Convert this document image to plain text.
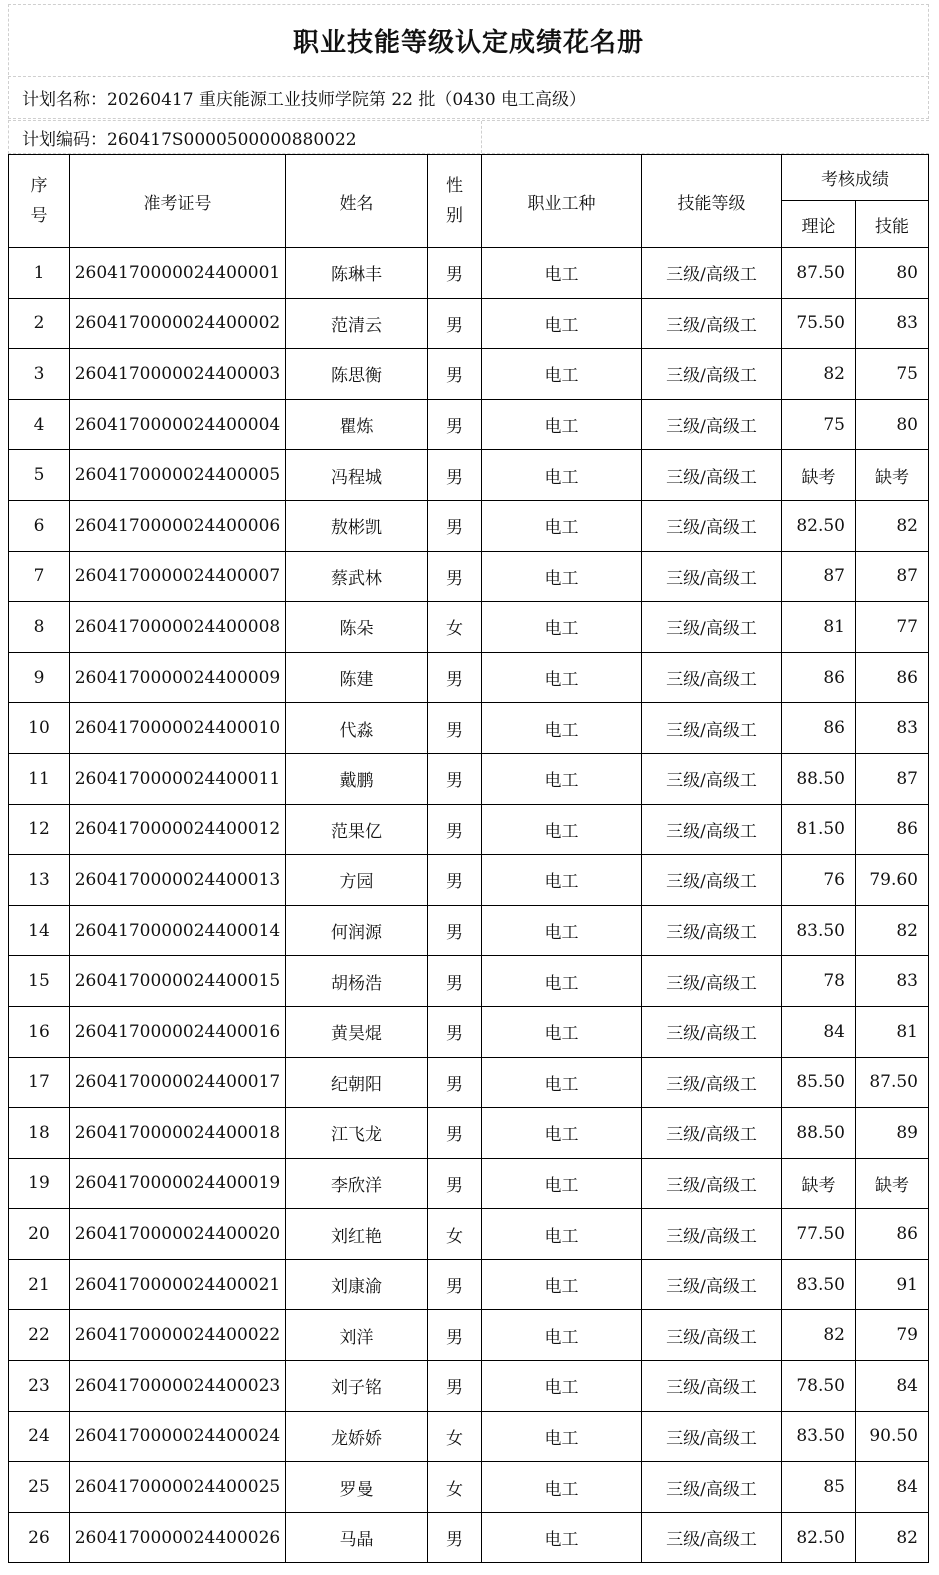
职业技能等级认定成绩花名册
计划名称：20260417 重庆能源工业技师学院第 22 批（0430 电工高级）
计划编码：260417S0000500000880022
序号	准考证号	姓名	性别	职业工种	技能等级	考核成绩	
						理论	技能
1	2604170000024400001	陈琳丰	男	电工	三级/高级工	87.50	80
2	2604170000024400002	范清云	男	电工	三级/高级工	75.50	83
3	2604170000024400003	陈思衡	男	电工	三级/高级工	82	75
4	2604170000024400004	瞿炼	男	电工	三级/高级工	75	80
5	2604170000024400005	冯程城	男	电工	三级/高级工	缺考	缺考
6	2604170000024400006	敖彬凯	男	电工	三级/高级工	82.50	82
7	2604170000024400007	蔡武林	男	电工	三级/高级工	87	87
8	2604170000024400008	陈朵	女	电工	三级/高级工	81	77
9	2604170000024400009	陈建	男	电工	三级/高级工	86	86
10	2604170000024400010	代淼	男	电工	三级/高级工	86	83
11	2604170000024400011	戴鹏	男	电工	三级/高级工	88.50	87
12	2604170000024400012	范果亿	男	电工	三级/高级工	81.50	86
13	2604170000024400013	方园	男	电工	三级/高级工	76	79.60
14	2604170000024400014	何润源	男	电工	三级/高级工	83.50	82
15	2604170000024400015	胡杨浩	男	电工	三级/高级工	78	83
16	2604170000024400016	黄昊焜	男	电工	三级/高级工	84	81
17	2604170000024400017	纪朝阳	男	电工	三级/高级工	85.50	87.50
18	2604170000024400018	江飞龙	男	电工	三级/高级工	88.50	89
19	2604170000024400019	李欣洋	男	电工	三级/高级工	缺考	缺考
20	2604170000024400020	刘红艳	女	电工	三级/高级工	77.50	86
21	2604170000024400021	刘康渝	男	电工	三级/高级工	83.50	91
22	2604170000024400022	刘洋	男	电工	三级/高级工	82	79
23	2604170000024400023	刘子铭	男	电工	三级/高级工	78.50	84
24	2604170000024400024	龙娇娇	女	电工	三级/高级工	83.50	90.50
25	2604170000024400025	罗曼	女	电工	三级/高级工	85	84
26	2604170000024400026	马晶	男	电工	三级/高级工	82.50	82
